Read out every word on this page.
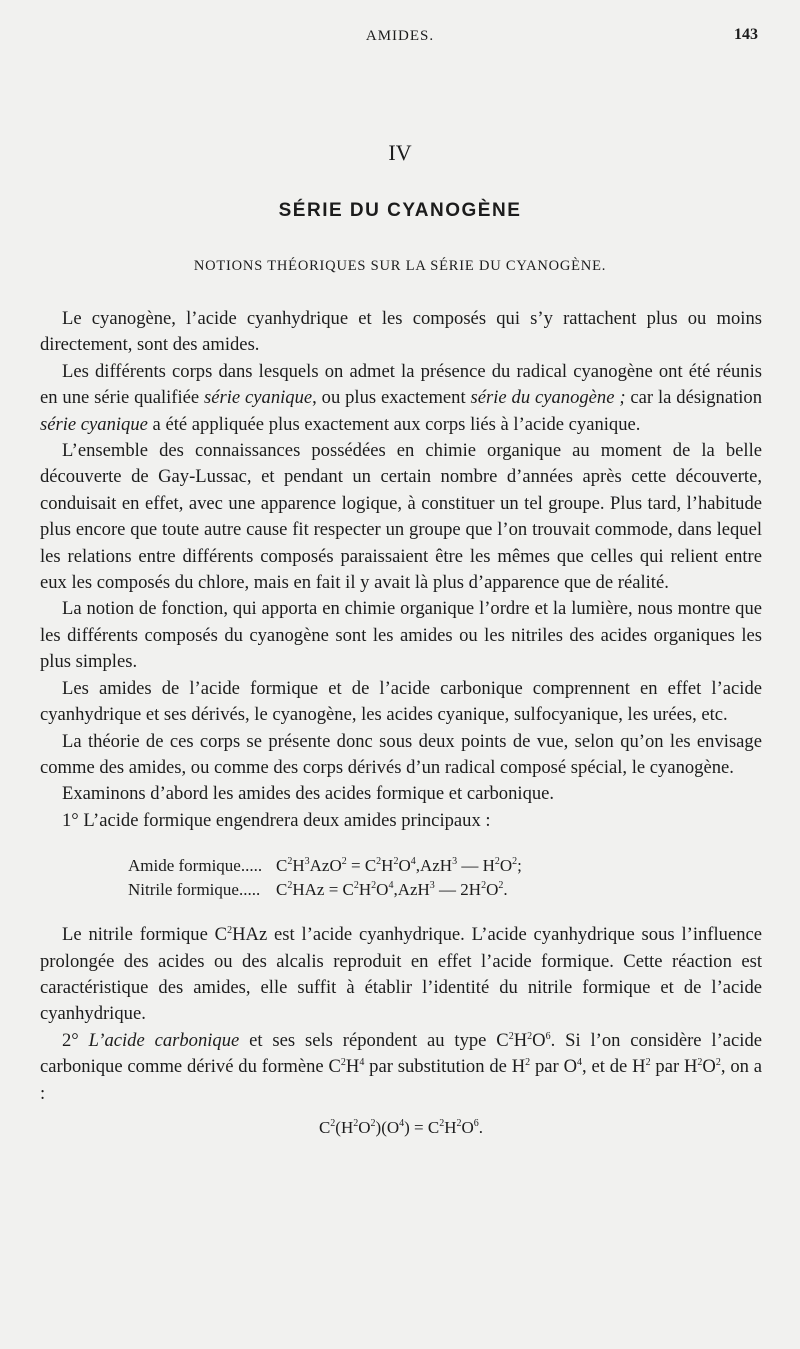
AMIDES.	143
IV
SÉRIE DU CYANOGÈNE
NOTIONS THÉORIQUES SUR LA SÉRIE DU CYANOGÈNE.

Le cyanogène, l’acide cyanhydrique et les composés qui s’y rattachent plus ou moins directement, sont des amides.

Les différents corps dans lesquels on admet la présence du radical cyanogène ont été réunis en une série qualifiée série cyanique, ou plus exactement série du cyanogène ; car la désignation série cyanique a été appliquée plus exactement aux corps liés à l’acide cyanique.

L’ensemble des connaissances possédées en chimie organique au moment de la belle découverte de Gay-Lussac, et pendant un certain nombre d’années après cette découverte, conduisait en effet, avec une apparence logique, à constituer un tel groupe. Plus tard, l’habitude plus encore que toute autre cause fit respecter un groupe que l’on trouvait commode, dans lequel les relations entre différents composés paraissaient être les mêmes que celles qui relient entre eux les composés du chlore, mais en fait il y avait là plus d’apparence que de réalité.

La notion de fonction, qui apporta en chimie organique l’ordre et la lumière, nous montre que les différents composés du cyanogène sont les amides ou les nitriles des acides organiques les plus simples.

Les amides de l’acide formique et de l’acide carbonique comprennent en effet l’acide cyanhydrique et ses dérivés, le cyanogène, les acides cyanique, sulfocyanique, les urées, etc.

La théorie de ces corps se présente donc sous deux points de vue, selon qu’on les envisage comme des amides, ou comme des corps dérivés d’un radical composé spécial, le cyanogène.

Examinons d’abord les amides des acides formique et carbonique.

1° L’acide formique engendrera deux amides principaux :

Amide formique..... $C^2H^3AzO^2 = C^2H^2O^4,AzH^3$ — $H^2O^2$;
Nitrile formique..... $C^2HAz = C^2H^2O^4,AzH^3$ — $2H^2O^2$.

Le nitrile formique $C^2HAz$ est l’acide cyanhydrique. L’acide cyanhydrique sous l’influence prolongée des acides ou des alcalis reproduit en effet l’acide formique. Cette réaction est caractéristique des amides, elle suffit à établir l’identité du nitrile formique et de l’acide cyanhydrique.

2° L’acide carbonique et ses sels répondent au type $C^2H^2O^6$. Si l’on considère l’acide carbonique comme dérivé du formène $C^2H^4$ par substitution de $H^2$ par $O^4$, et de $H^2$ par $H^2O^2$, on a :

$C^2(H^2O^2)(O^4) = C^2H^2O^6$.
